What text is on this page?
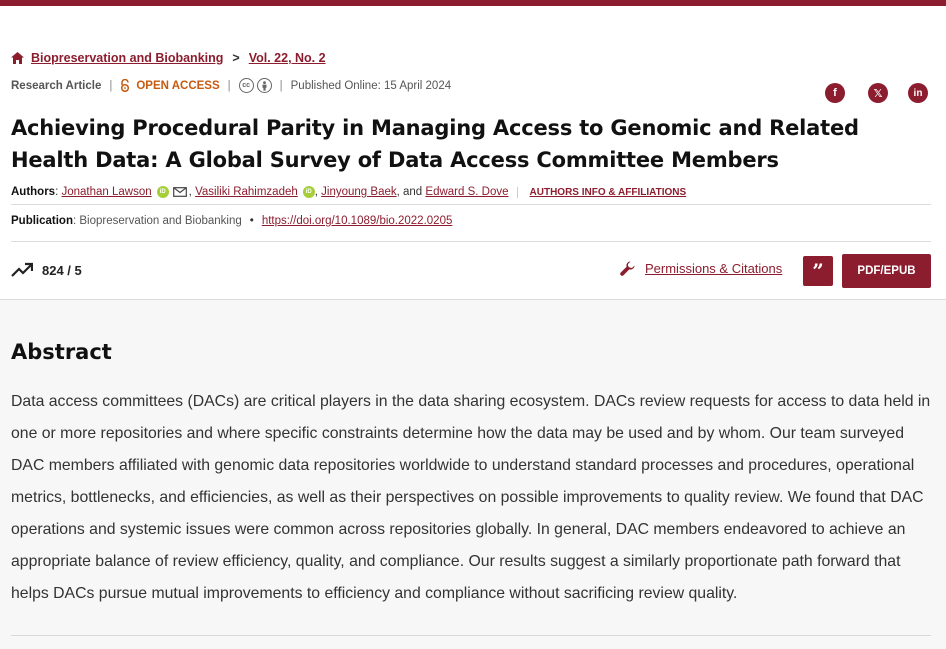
Biopreservation and Biobanking > Vol. 22, No. 2
Research Article | OPEN ACCESS |	cc	| Published Online: 15 April 2024
f	𝕏	in
Achieving Procedural Parity in Managing Access to Genomic and Related Health Data: A Global Survey of Data Access Committee Members
Authors :
Jonathan Lawson	iD ,
Vasiliki Rahimzadeh	iD ,
Jinyoung Baek , and
Edward S. Dove	AUTHORS INFO & AFFILIATIONS
Publication :
Biopreservation and Biobanking • https://doi.org/10.1089/bio.2022.0205
824 / 5	Permissions & Citations	”	PDF/EPUB
Abstract

Data access committees (DACs) are critical players in the data sharing ecosystem. DACs review requests for access to data held in one or more repositories and where specific constraints determine how the data may be used and by whom. Our team surveyed DAC members affiliated with genomic data repositories worldwide to understand standard processes and procedures, operational metrics, bottlenecks, and efficiencies, as well as their perspectives on possible improvements to quality review. We found that DAC operations and systemic issues were common across repositories globally. In general, DAC members endeavored to achieve an appropriate balance of review efficiency, quality, and compliance. Our results suggest a similarly proportionate path forward that helps DACs pursue mutual improvements to efficiency and compliance without sacrificing review quality.
